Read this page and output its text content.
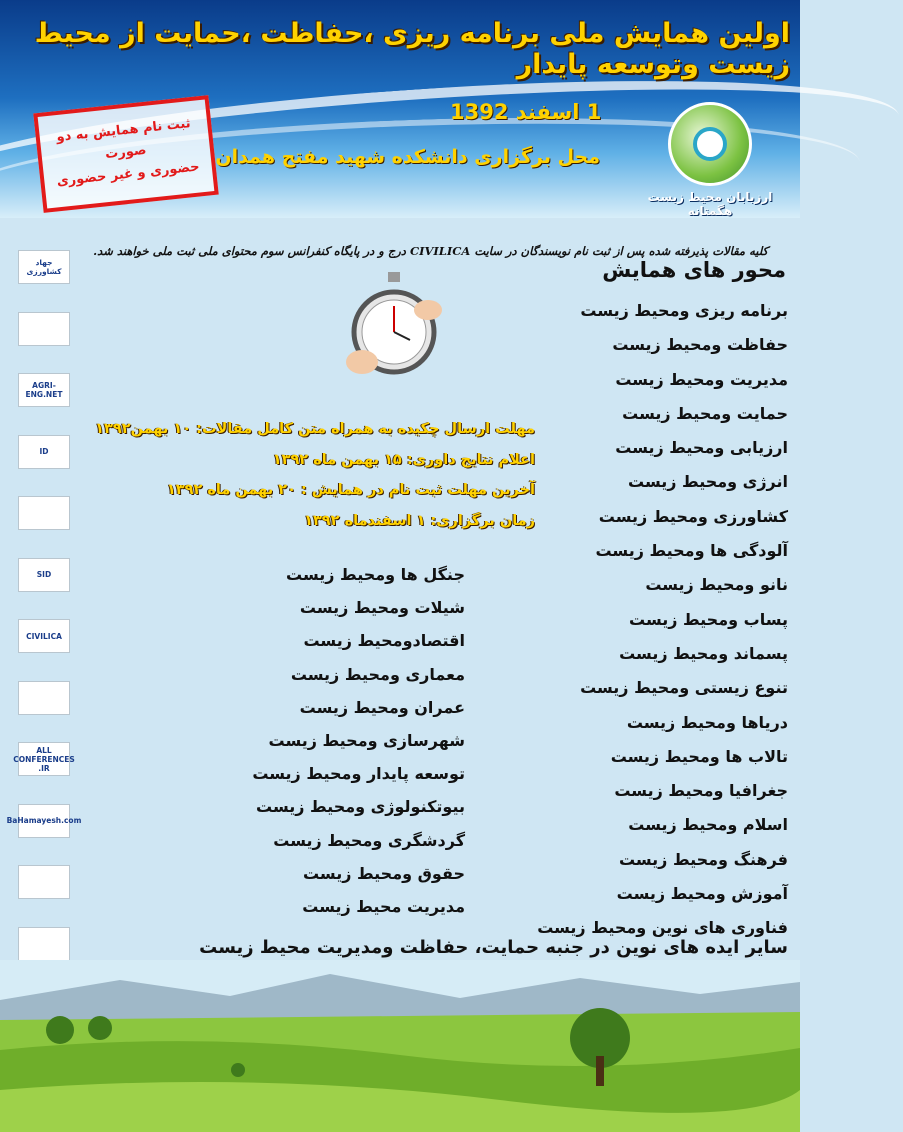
اولین همایش ملی برنامه ریزی ،حفاظت ،حمایت از محیط زیست وتوسعه پایدار
1 اسفند 1392
محل برگزاری دانشکده شهید مفتح همدان
ارزیابان محیط زیست هگمتانه
ثبت نام همایش به دو صورت
حضوری و غیر حضوری
کلیه مقالات پذیرفته شده پس از ثبت نام نویسندگان در سایت CIVILICA درج و در پایگاه کنفرانس سوم محتوای ملی ثبت ملی خواهند شد.
محور های همایش
مهلت ارسال چکیده به همراه متن کامل مقالات: ۱۰ بهمن۱۳۹۲
اعلام نتایج داوری: ۱۵ بهمن ماه ۱۳۹۲
آخرین مهلت ثبت نام در همایش : ۲۰ بهمن ماه ۱۳۹۲
زمان برگزاری: ۱ اسفندماه ۱۳۹۲
برنامه ریزی ومحیط زیست
حفاظت ومحیط زیست
مدیریت ومحیط زیست
حمایت ومحیط زیست
ارزیابی ومحیط زیست
انرژی ومحیط زیست
کشاورزی ومحیط زیست
آلودگی ها ومحیط زیست
نانو ومحیط زیست
پساب ومحیط زیست
پسماند ومحیط زیست
تنوع زیستی ومحیط زیست
دریاها ومحیط زیست
تالاب ها ومحیط زیست
جغرافیا ومحیط زیست
اسلام ومحیط زیست
فرهنگ ومحیط زیست
آموزش ومحیط زیست
فناوری های نوین ومحیط زیست
جنگل ها ومحیط زیست
شیلات ومحیط زیست
اقتصادومحیط زیست
معماری ومحیط زیست
عمران ومحیط زیست
شهرسازی ومحیط زیست
توسعه پایدار ومحیط زیست
بیوتکنولوژی ومحیط زیست
گردشگری ومحیط زیست
حقوق ومحیط زیست
مدیریت محیط زیست
سایر ایده های نوین در جنبه حمایت، حفاظت ومدیریت محیط زیست
جهاد کشاورزی
AGRI-ENG.NET
ID
SID
CIVILICA
ALL CONFERENCES .IR
BaHamayesh.com
